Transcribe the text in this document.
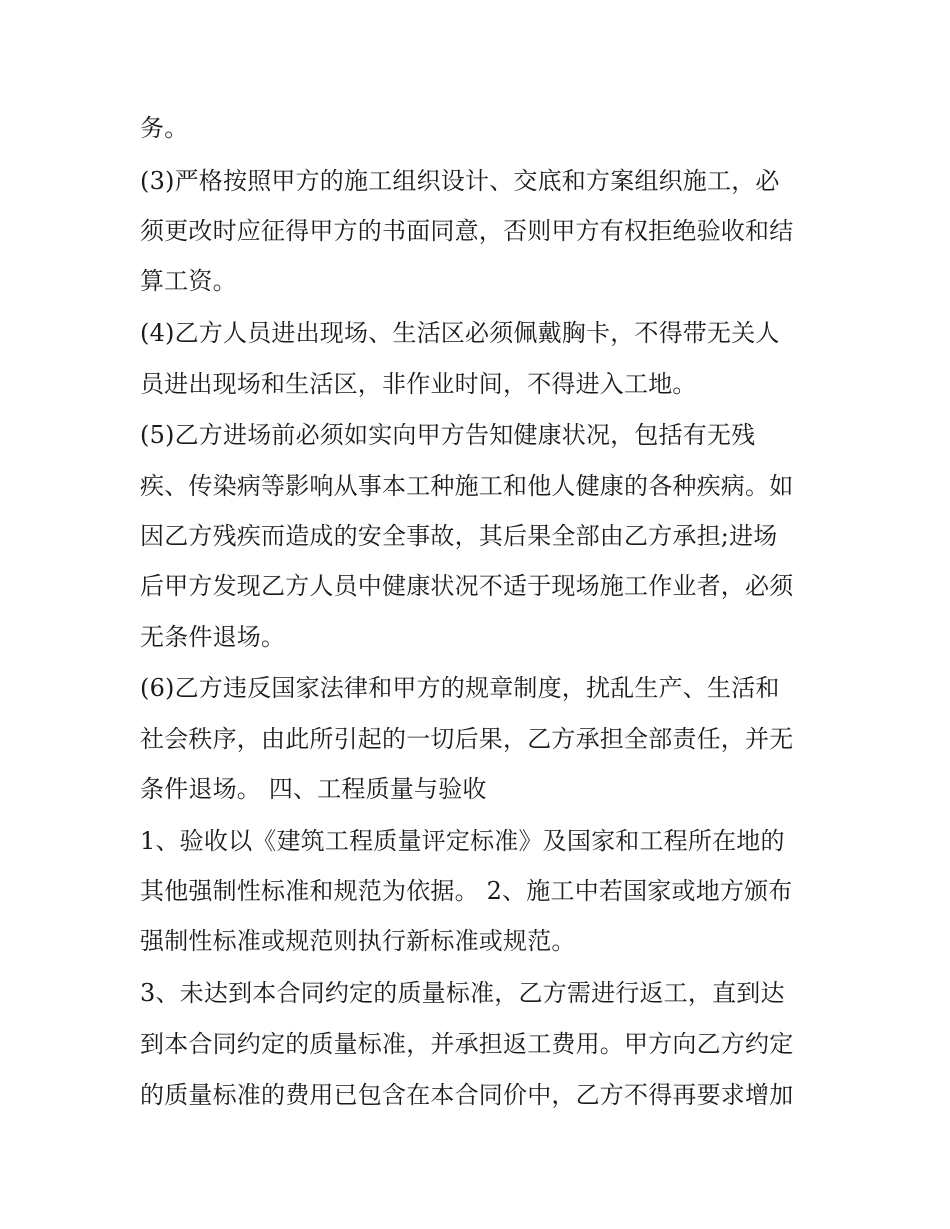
务。
(3)严格按照甲方的施工组织设计、交底和方案组织施工，必
须更改时应征得甲方的书面同意，否则甲方有权拒绝验收和结
算工资。
(4)乙方人员进出现场、生活区必须佩戴胸卡，不得带无关人
员进出现场和生活区，非作业时间，不得进入工地。
(5)乙方进场前必须如实向甲方告知健康状况，包括有无残
疾、传染病等影响从事本工种施工和他人健康的各种疾病。如
因乙方残疾而造成的安全事故，其后果全部由乙方承担;进场
后甲方发现乙方人员中健康状况不适于现场施工作业者，必须
无条件退场。
(6)乙方违反国家法律和甲方的规章制度，扰乱生产、生活和
社会秩序，由此所引起的一切后果，乙方承担全部责任，并无
条件退场。 四、工程质量与验收
1、验收以《建筑工程质量评定标准》及国家和工程所在地的
其他强制性标准和规范为依据。 2、施工中若国家或地方颁布
强制性标准或规范则执行新标准或规范。
3、未达到本合同约定的质量标准，乙方需进行返工，直到达
到本合同约定的质量标准，并承担返工费用。甲方向乙方约定
的质量标准的费用已包含在本合同价中，乙方不得再要求增加
